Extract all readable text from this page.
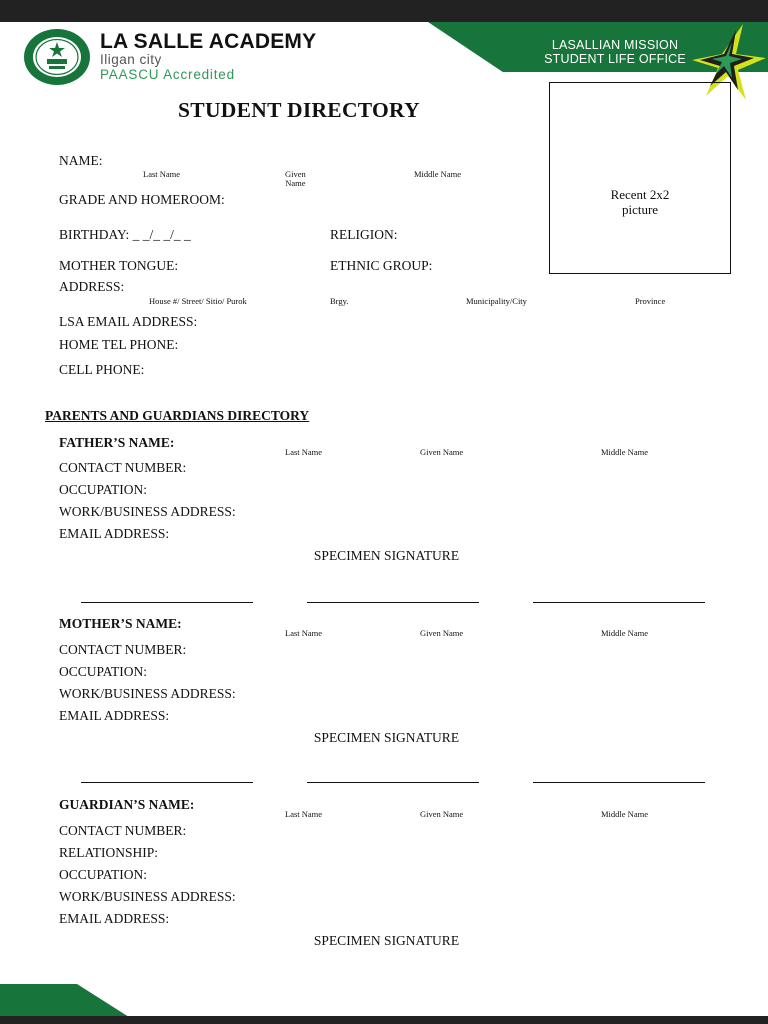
LASALLIAN MISSION
STUDENT LIFE OFFICE
LA SALLE ACADEMY
Iligan city
PAASCU Accredited
STUDENT DIRECTORY
Recent 2x2
picture
NAME:
Last Name	Given
Name
Middle Name
GRADE AND HOMEROOM:
BIRTHDAY: _ _/_ _/_ _	RELIGION:
MOTHER TONGUE:	ETHNIC GROUP:
ADDRESS:
House #/ Street/ Sitio/ Purok	Brgy.	Municipality/City	Province
LSA EMAIL ADDRESS:
HOME TEL PHONE:
CELL PHONE:
PARENTS AND GUARDIANS DIRECTORY
FATHER’S NAME:
Last Name	Given Name	Middle Name
CONTACT NUMBER:
OCCUPATION:
WORK/BUSINESS ADDRESS:
EMAIL ADDRESS:
SPECIMEN SIGNATURE
MOTHER’S NAME:
Last Name	Given Name	Middle Name
CONTACT NUMBER:
OCCUPATION:
WORK/BUSINESS ADDRESS:
EMAIL ADDRESS:
SPECIMEN SIGNATURE
GUARDIAN’S NAME:
Last Name	Given Name	Middle Name
CONTACT NUMBER:
RELATIONSHIP:
OCCUPATION:
WORK/BUSINESS ADDRESS:
EMAIL ADDRESS:
SPECIMEN SIGNATURE
